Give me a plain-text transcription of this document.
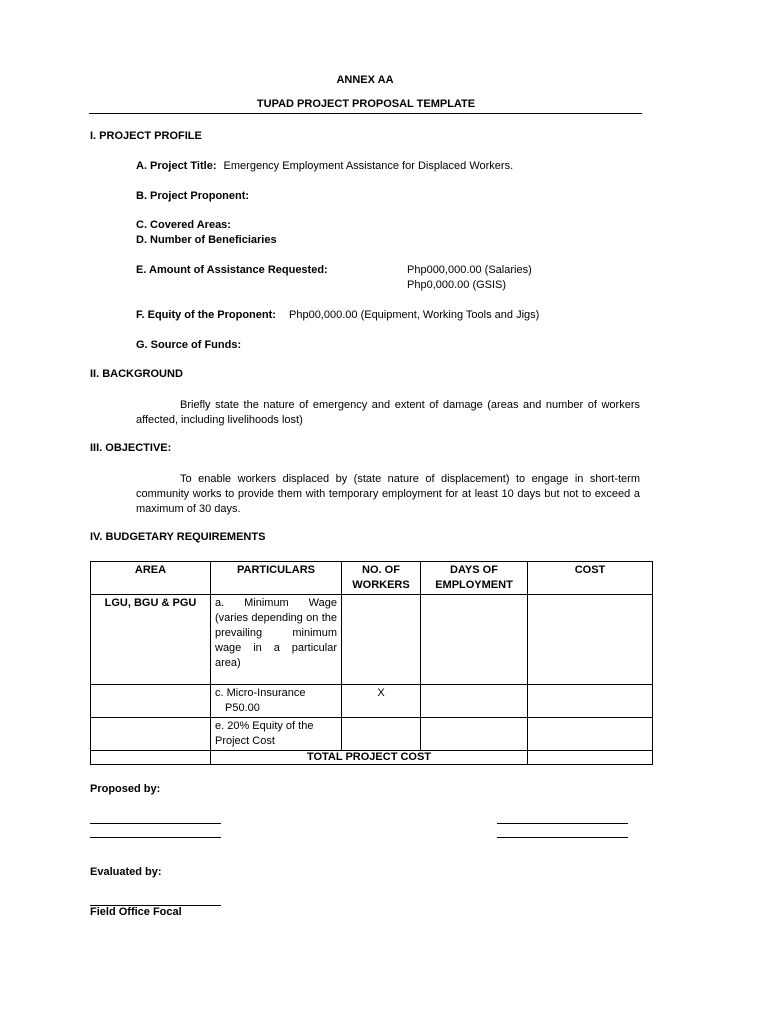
ANNEX AA
TUPAD PROJECT PROPOSAL TEMPLATE
I. PROJECT PROFILE
A. Project Title: Emergency Employment Assistance for Displaced Workers.
B. Project Proponent:
C. Covered Areas:
D. Number of Beneficiaries
E. Amount of Assistance Requested:	Php000,000.00 (Salaries)
Php0,000.00 (GSIS)
F. Equity of the Proponent: Php00,000.00 (Equipment, Working Tools and Jigs)
G. Source of Funds:
II. BACKGROUND
Briefly state the nature of emergency and extent of damage (areas and number of workers affected, including livelihoods lost)
III. OBJECTIVE:
To enable workers displaced by (state nature of displacement) to engage in short-term community works to provide them with temporary employment for at least 10 days but not to exceed a maximum of 30 days.
IV. BUDGETARY REQUIREMENTS
AREA	PARTICULARS	NO. OF WORKERS	DAYS OF EMPLOYMENT	COST
LGU, BGU & PGU	a. Minimum Wage (varies depending on the prevailing minimum wage in a particular area)			

	c. Micro-Insurance
P50.00	X		
	e. 20% Equity of the Project Cost			
	TOTAL PROJECT COST			
Proposed by:
Evaluated by:
Field Office Focal
